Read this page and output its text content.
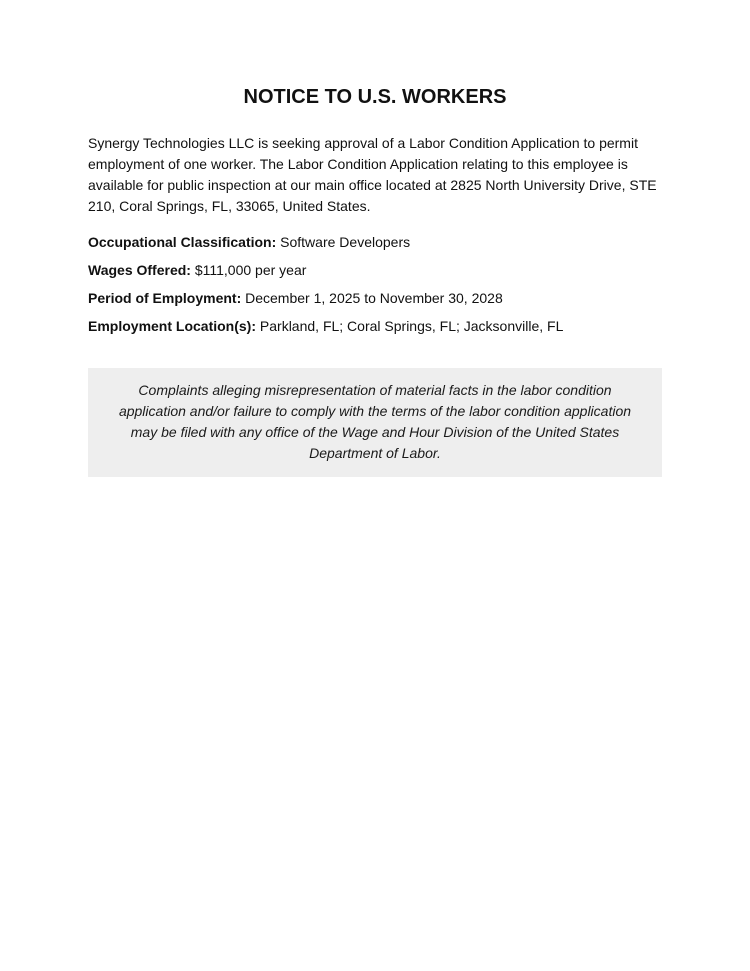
NOTICE TO U.S. WORKERS

Synergy Technologies LLC is seeking approval of a Labor Condition Application to permit employment of one worker. The Labor Condition Application relating to this employee is available for public inspection at our main office located at 2825 North University Drive, STE 210, Coral Springs, FL, 33065, United States.

Occupational Classification: Software Developers

Wages Offered: $111,000 per year

Period of Employment: December 1, 2025 to November 30, 2028

Employment Location(s): Parkland, FL; Coral Springs, FL; Jacksonville, FL

Complaints alleging misrepresentation of material facts in the labor condition application and/or failure to comply with the terms of the labor condition application may be filed with any office of the Wage and Hour Division of the United States Department of Labor.
